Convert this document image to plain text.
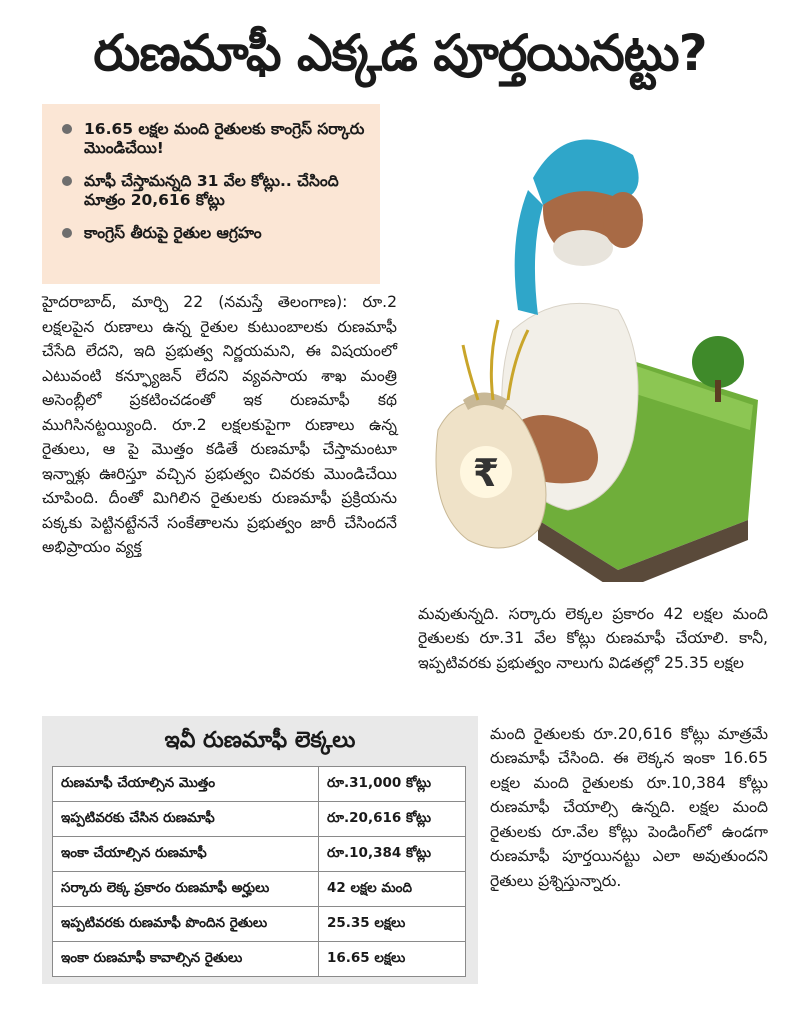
రుణమాఫీ ఎక్కడ పూర్తయినట్టు?
16.65 లక్షల మంది రైతులకు కాంగ్రెస్ సర్కారు మొండిచేయి!
మాఫీ చేస్తామన్నది 31 వేల కోట్లు.. చేసింది మాత్రం 20,616 కోట్లు
కాంగ్రెస్ తీరుపై రైతుల ఆగ్రహం
₹

హైదరాబాద్, మార్చి 22 (నమస్తే తెలంగాణ): రూ.2 లక్షలపైన రుణాలు ఉన్న రైతుల కుటుంబాలకు రుణమాఫీ చేసేది లేదని, ఇది ప్రభుత్వ నిర్ణయమని, ఈ విషయంలో ఎటువంటి కన్ఫ్యూజన్ లేదని వ్యవసాయ శాఖ మంత్రి అసెంబ్లీలో ప్రకటించడంతో ఇక రుణమాఫీ కథ ముగిసినట్టయ్యింది. రూ.2 లక్షలకుపైగా రుణాలు ఉన్న రైతులు, ఆ పై మొత్తం కడితే రుణమాఫీ చేస్తామంటూ ఇన్నాళ్లు ఊరిస్తూ వచ్చిన ప్రభుత్వం చివరకు మొండిచేయి చూపింది. దీంతో మిగిలిన రైతులకు రుణమాఫీ ప్రక్రియను పక్కకు పెట్టినట్టేననే సంకేతాలను ప్రభుత్వం జారీ చేసిందనే అభిప్రాయం వ్యక్త

మవుతున్నది. సర్కారు లెక్కల ప్రకారం 42 లక్షల మంది రైతులకు రూ.31 వేల కోట్లు రుణమాఫీ చేయాలి. కానీ, ఇప్పటివరకు ప్రభుత్వం నాలుగు విడతల్లో 25.35 లక్షల

మంది రైతులకు రూ.20,616 కోట్లు మాత్రమే రుణమాఫీ చేసింది. ఈ లెక్కన ఇంకా 16.65 లక్షల మంది రైతులకు రూ.10,384 కోట్లు రుణమాఫీ చేయాల్సి ఉన్నది. లక్షల మంది రైతులకు రూ.వేల కోట్లు పెండింగ్‌లో ఉండగా రుణమాఫీ పూర్తయినట్టు ఎలా అవుతుందని రైతులు ప్రశ్నిస్తున్నారు.

ఇవీ రుణమాఫీ లెక్కలు
రుణమాఫీ చేయాల్సిన మొత్తం	రూ.31,000 కోట్లు
ఇప్పటివరకు చేసిన రుణమాఫీ	రూ.20,616 కోట్లు
ఇంకా చేయాల్సిన రుణమాఫీ	రూ.10,384 కోట్లు
సర్కారు లెక్క ప్రకారం రుణమాఫీ అర్హులు	42 లక్షల మంది
ఇప్పటివరకు రుణమాఫీ పొందిన రైతులు	25.35 లక్షలు
ఇంకా రుణమాఫీ కావాల్సిన రైతులు	16.65 లక్షలు
